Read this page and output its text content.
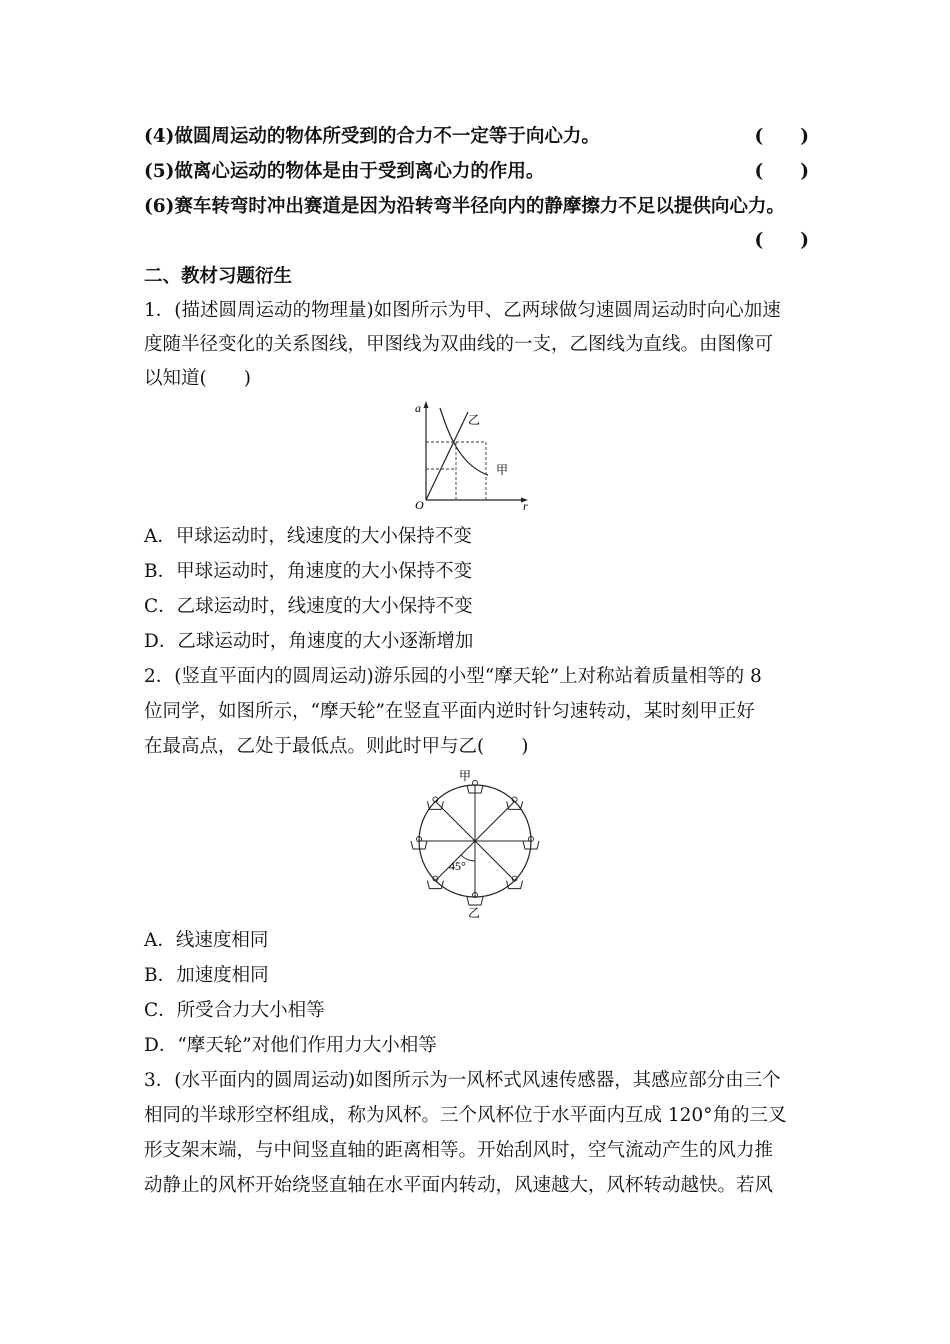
(4)做圆周运动的物体所受到的合力不一定等于向心力。	(　　)
(5)做离心运动的物体是由于受到离心力的作用。	(　　)
(6)赛车转弯时冲出赛道是因为沿转弯半径向内的静摩擦力不足以提供向心力。
(　　)
二、教材习题衍生
1．(描述圆周运动的物理量)如图所示为甲、乙两球做匀速圆周运动时向心加速
度随半径变化的关系图线，甲图线为双曲线的一支，乙图线为直线。由图像可
以知道(　　)
a
r
O
乙
甲
A．甲球运动时，线速度的大小保持不变
B．甲球运动时，角速度的大小保持不变
C．乙球运动时，线速度的大小保持不变
D．乙球运动时，角速度的大小逐渐增加
2．(竖直平面内的圆周运动)游乐园的小型“摩天轮”上对称站着质量相等的 8
位同学，如图所示，“摩天轮”在竖直平面内逆时针匀速转动，某时刻甲正好
在最高点，乙处于最低点。则此时甲与乙(　　)
45°
甲
乙
A．线速度相同
B．加速度相同
C．所受合力大小相等
D．“摩天轮”对他们作用力大小相等
3．(水平面内的圆周运动)如图所示为一风杯式风速传感器，其感应部分由三个
相同的半球形空杯组成，称为风杯。三个风杯位于水平面内互成 120°角的三叉
形支架末端，与中间竖直轴的距离相等。开始刮风时，空气流动产生的风力推
动静止的风杯开始绕竖直轴在水平面内转动，风速越大，风杯转动越快。若风
